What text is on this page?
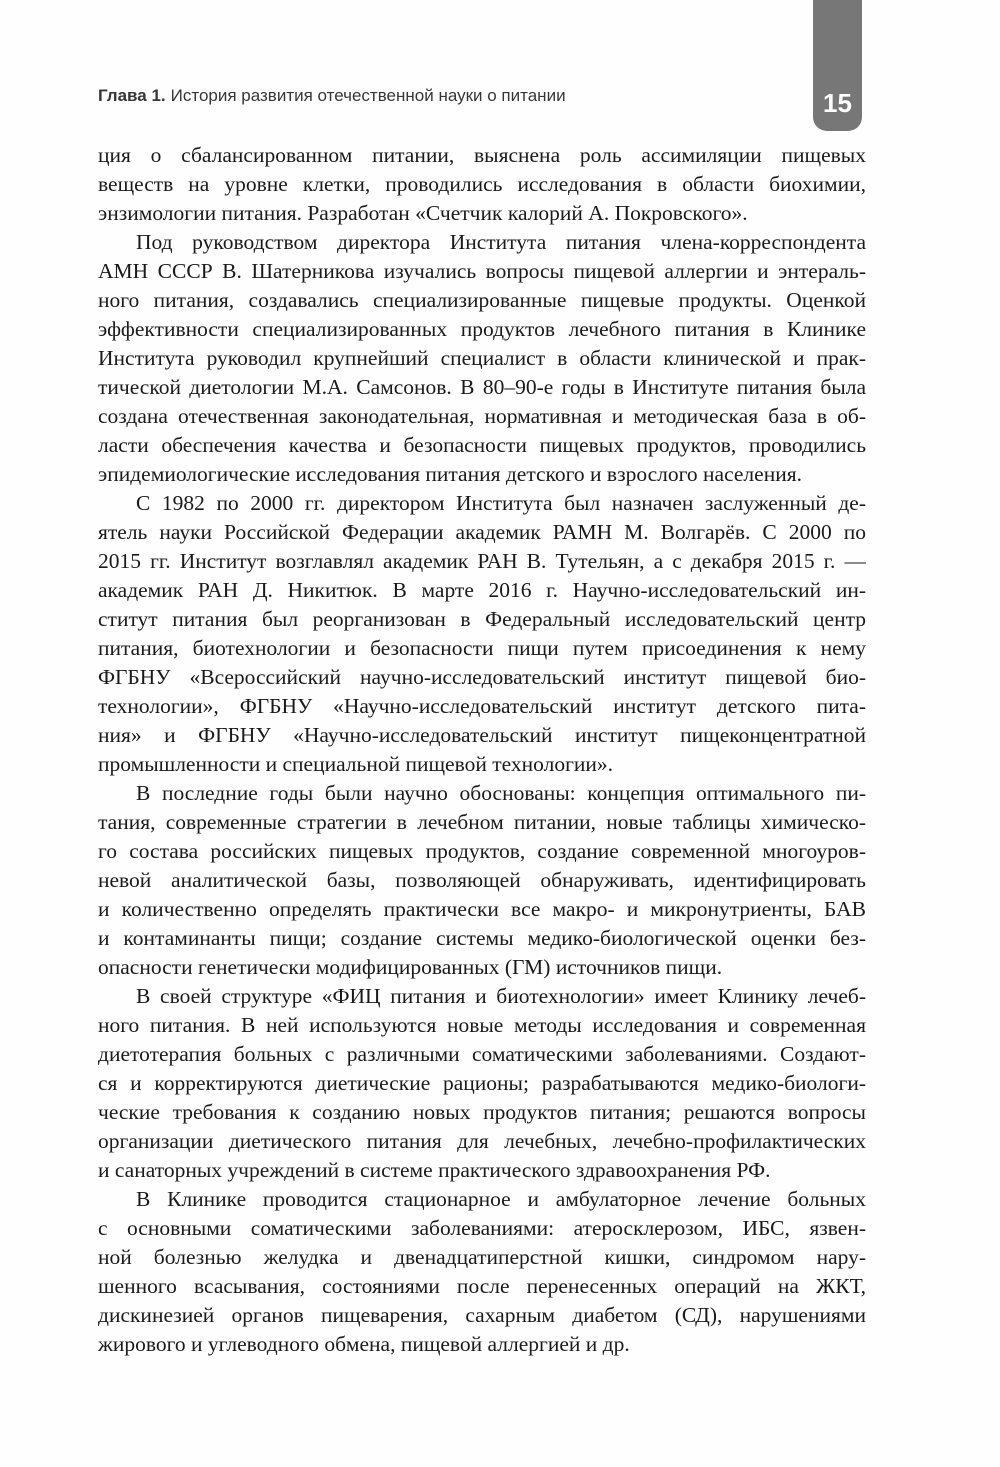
Глава 1. История развития отечественной науки о питании	15
ция о сбалансированном питании, выяснена роль ассимиляции пищевых
веществ на уровне клетки, проводились исследования в области биохимии,
энзимологии питания. Разработан «Счетчик калорий А. Покровского».
Под руководством директора Института питания члена-корреспондента
АМН СССР В. Шатерникова изучались вопросы пищевой аллергии и энтераль-
ного питания, создавались специализированные пищевые продукты. Оценкой
эффективности специализированных продуктов лечебного питания в Клинике
Института руководил крупнейший специалист в области клинической и прак-
тической диетологии М.А. Самсонов. В 80–90-е годы в Институте питания была
создана отечественная законодательная, нормативная и методическая база в об-
ласти обеспечения качества и безопасности пищевых продуктов, проводились
эпидемиологические исследования питания детского и взрослого населения.
С 1982 по 2000 гг. директором Института был назначен заслуженный де-
ятель науки Российской Федерации академик РАМН М. Волгарёв. С 2000 по
2015 гг. Институт возглавлял академик РАН В. Тутельян, а с декабря 2015 г. —
академик РАН Д. Никитюк. В марте 2016 г. Научно-исследовательский ин-
ститут питания был реорганизован в Федеральный исследовательский центр
питания, биотехнологии и безопасности пищи путем присоединения к нему
ФГБНУ «Всероссийский научно-исследовательский институт пищевой био-
технологии», ФГБНУ «Научно-исследовательский институт детского пита-
ния» и ФГБНУ «Научно-исследовательский институт пищеконцентратной
промышленности и специальной пищевой технологии».
В последние годы были научно обоснованы: концепция оптимального пи-
тания, современные стратегии в лечебном питании, новые таблицы химическо-
го состава российских пищевых продуктов, создание современной многоуров-
невой аналитической базы, позволяющей обнаруживать, идентифицировать
и количественно определять практически все макро- и микронутриенты, БАВ
и контаминанты пищи; создание системы медико-биологической оценки без-
опасности генетически модифицированных (ГМ) источников пищи.
В своей структуре «ФИЦ питания и биотехнологии» имеет Клинику лечеб-
ного питания. В ней используются новые методы исследования и современная
диетотерапия больных с различными соматическими заболеваниями. Создают-
ся и корректируются диетические рационы; разрабатываются медико-биологи-
ческие требования к созданию новых продуктов питания; решаются вопросы
организации диетического питания для лечебных, лечебно-профилактических
и санаторных учреждений в системе практического здравоохранения РФ.
В Клинике проводится стационарное и амбулаторное лечение больных
с основными соматическими заболеваниями: атеросклерозом, ИБС, язвен-
ной болезнью желудка и двенадцатиперстной кишки, синдромом нару-
шенного всасывания, состояниями после перенесенных операций на ЖКТ,
дискинезией органов пищеварения, сахарным диабетом (СД), нарушениями
жирового и углеводного обмена, пищевой аллергией и др.
